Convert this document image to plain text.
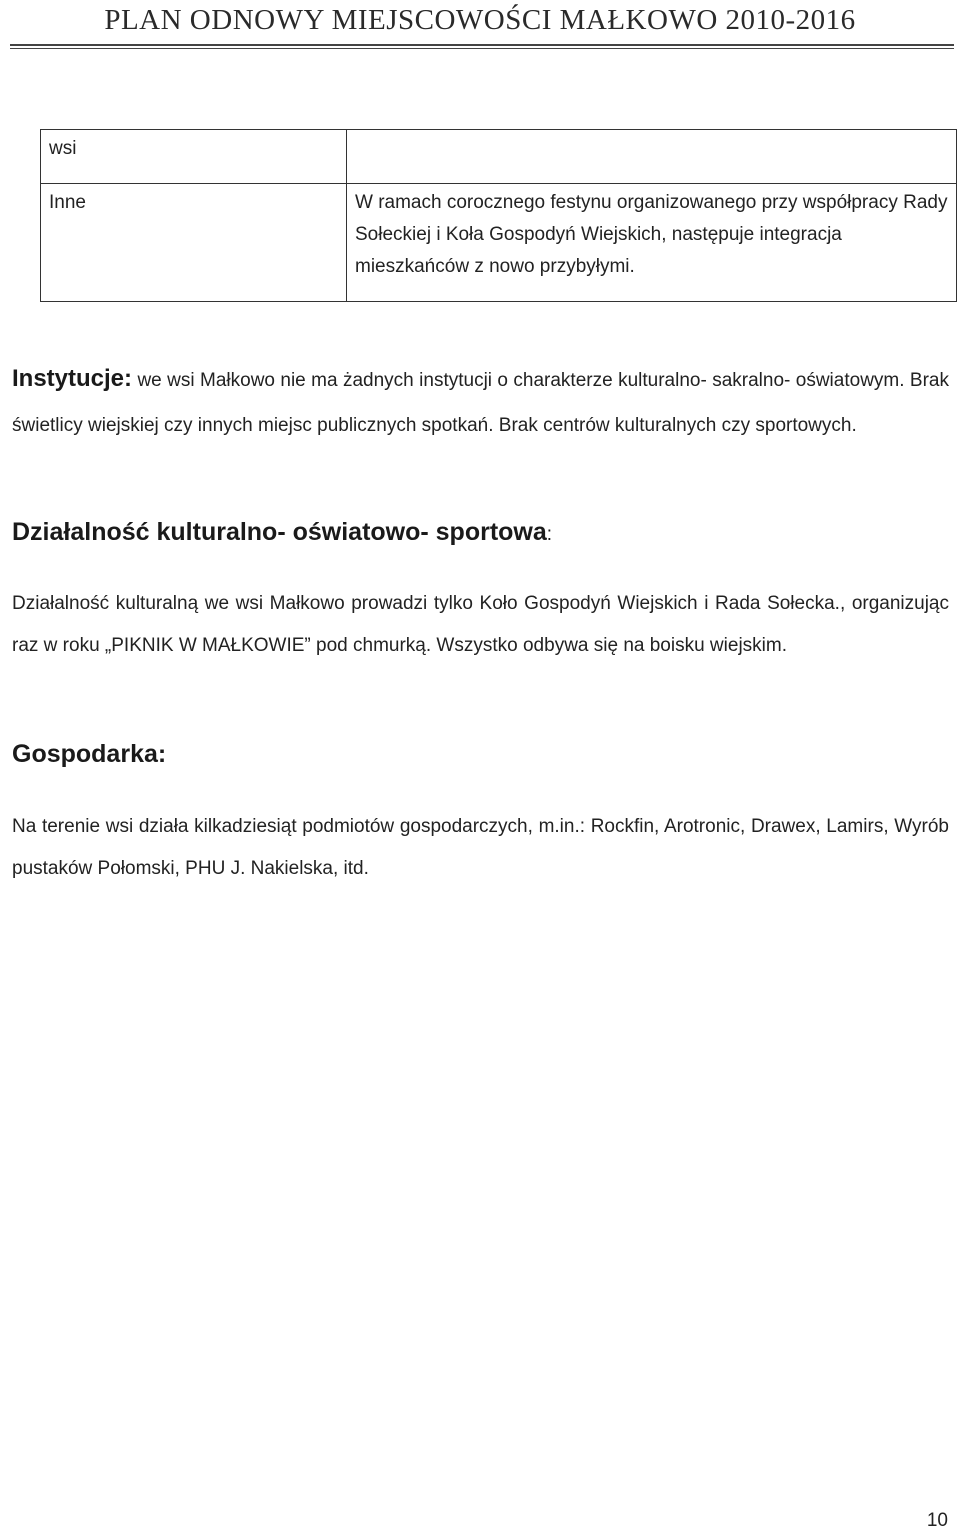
PLAN ODNOWY MIEJSCOWOŚCI MAŁKOWO 2010-2016
wsi	
Inne	W ramach corocznego festynu organizowanego przy współpracy Rady Sołeckiej i Koła Gospodyń Wiejskich, następuje integracja mieszkańców z nowo przybyłymi.
Instytucje: we wsi Małkowo nie ma żadnych instytucji o charakterze kulturalno- sakralno- oświatowym. Brak świetlicy wiejskiej czy innych miejsc publicznych spotkań. Brak centrów kulturalnych czy sportowych.
Działalność kulturalno- oświatowo- sportowa:
Działalność kulturalną we wsi Małkowo prowadzi tylko Koło Gospodyń Wiejskich i Rada Sołecka., organizując raz w roku „PIKNIK W MAŁKOWIE” pod chmurką. Wszystko odbywa się na boisku wiejskim.
Gospodarka:
Na terenie wsi działa kilkadziesiąt podmiotów gospodarczych, m.in.: Rockfin, Arotronic, Drawex, Lamirs, Wyrób pustaków Połomski, PHU J. Nakielska, itd.
10
